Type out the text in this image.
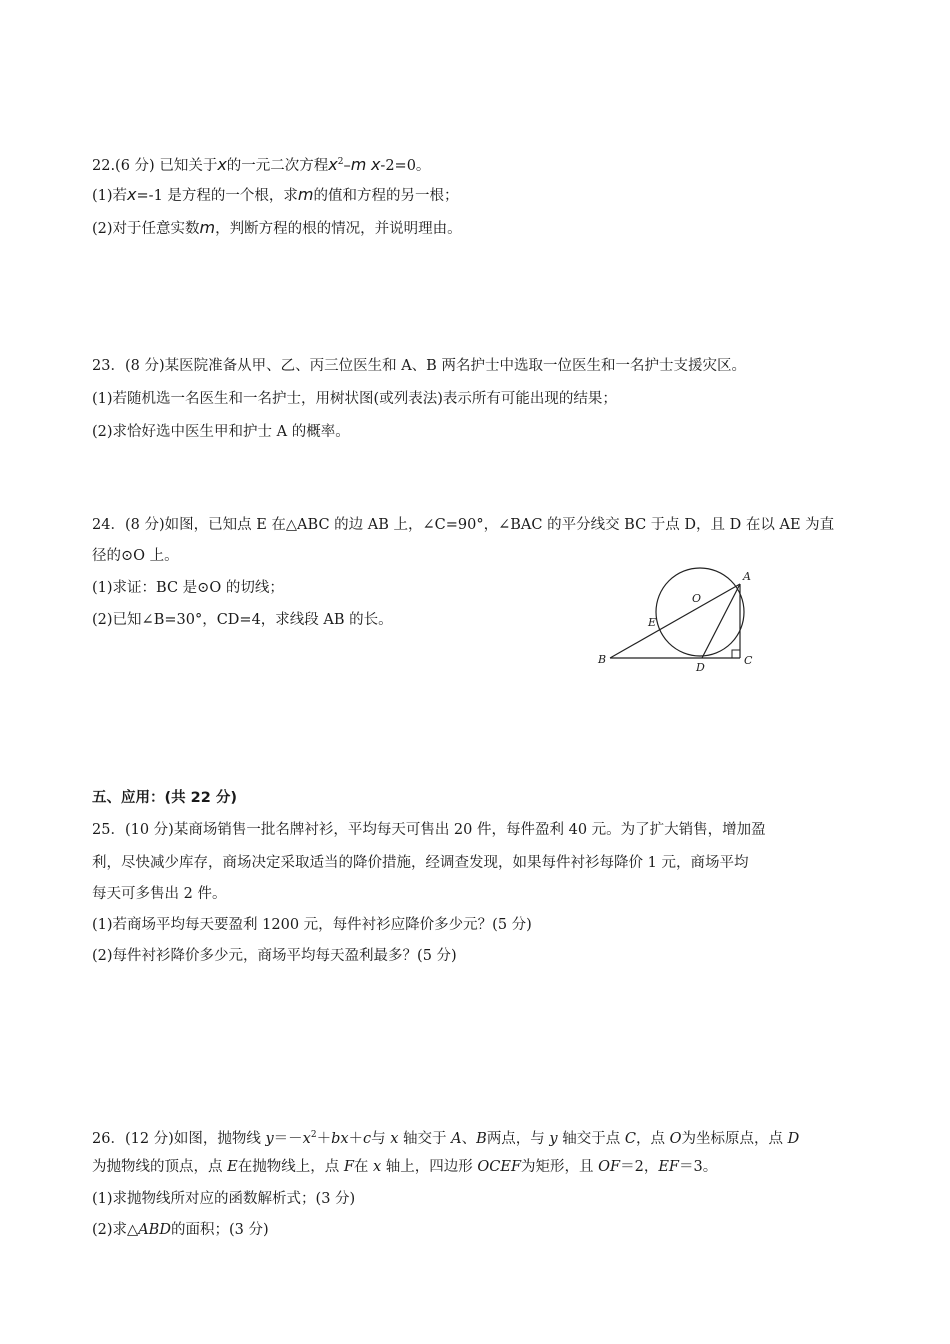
22.(6 分) 已知关于x的一元二次方程$x^2-m$ x-2=0。
(1)若x=-1 是方程的一个根，求m的值和方程的另一根；
(2)对于任意实数m，判断方程的根的情况，并说明理由。
23．(8 分)某医院准备从甲、乙、丙三位医生和 A、B 两名护士中选取一位医生和一名护士支援灾区。
(1)若随机选一名医生和一名护士，用树状图(或列表法)表示所有可能出现的结果；
(2)求恰好选中医生甲和护士 A 的概率。
24．(8 分)如图，已知点 E 在△ABC 的边 AB 上，∠C=90°，∠BAC 的平分线交 BC 于点 D，且 D 在以 AE 为直
径的⊙O 上。
(1)求证：BC 是⊙O 的切线；
(2)已知∠B=30°，CD=4，求线段 AB 的长。
A
O
E
B
D
C
五、应用：(共 22 分)
25．(10 分)某商场销售一批名牌衬衫，平均每天可售出 20 件，每件盈利 40 元。为了扩大销售，增加盈
利，尽快减少库存，商场决定采取适当的降价措施，经调查发现，如果每件衬衫每降价 1 元，商场平均
每天可多售出 2 件。
(1)若商场平均每天要盈利 1200 元，每件衬衫应降价多少元？(5 分)
(2)每件衬衫降价多少元，商场平均每天盈利最多？(5 分)
26．(12 分)如图，抛物线 $y=-x^2+bx+c$与 x 轴交于 A、B两点，与 y 轴交于点 C，点 O为坐标原点，点 D
为抛物线的顶点，点 E在抛物线上，点 F在 x 轴上，四边形 OCEF为矩形，且 OF＝2，EF＝3。
(1)求抛物线所对应的函数解析式；(3 分)
(2)求△ABD的面积；(3 分)
